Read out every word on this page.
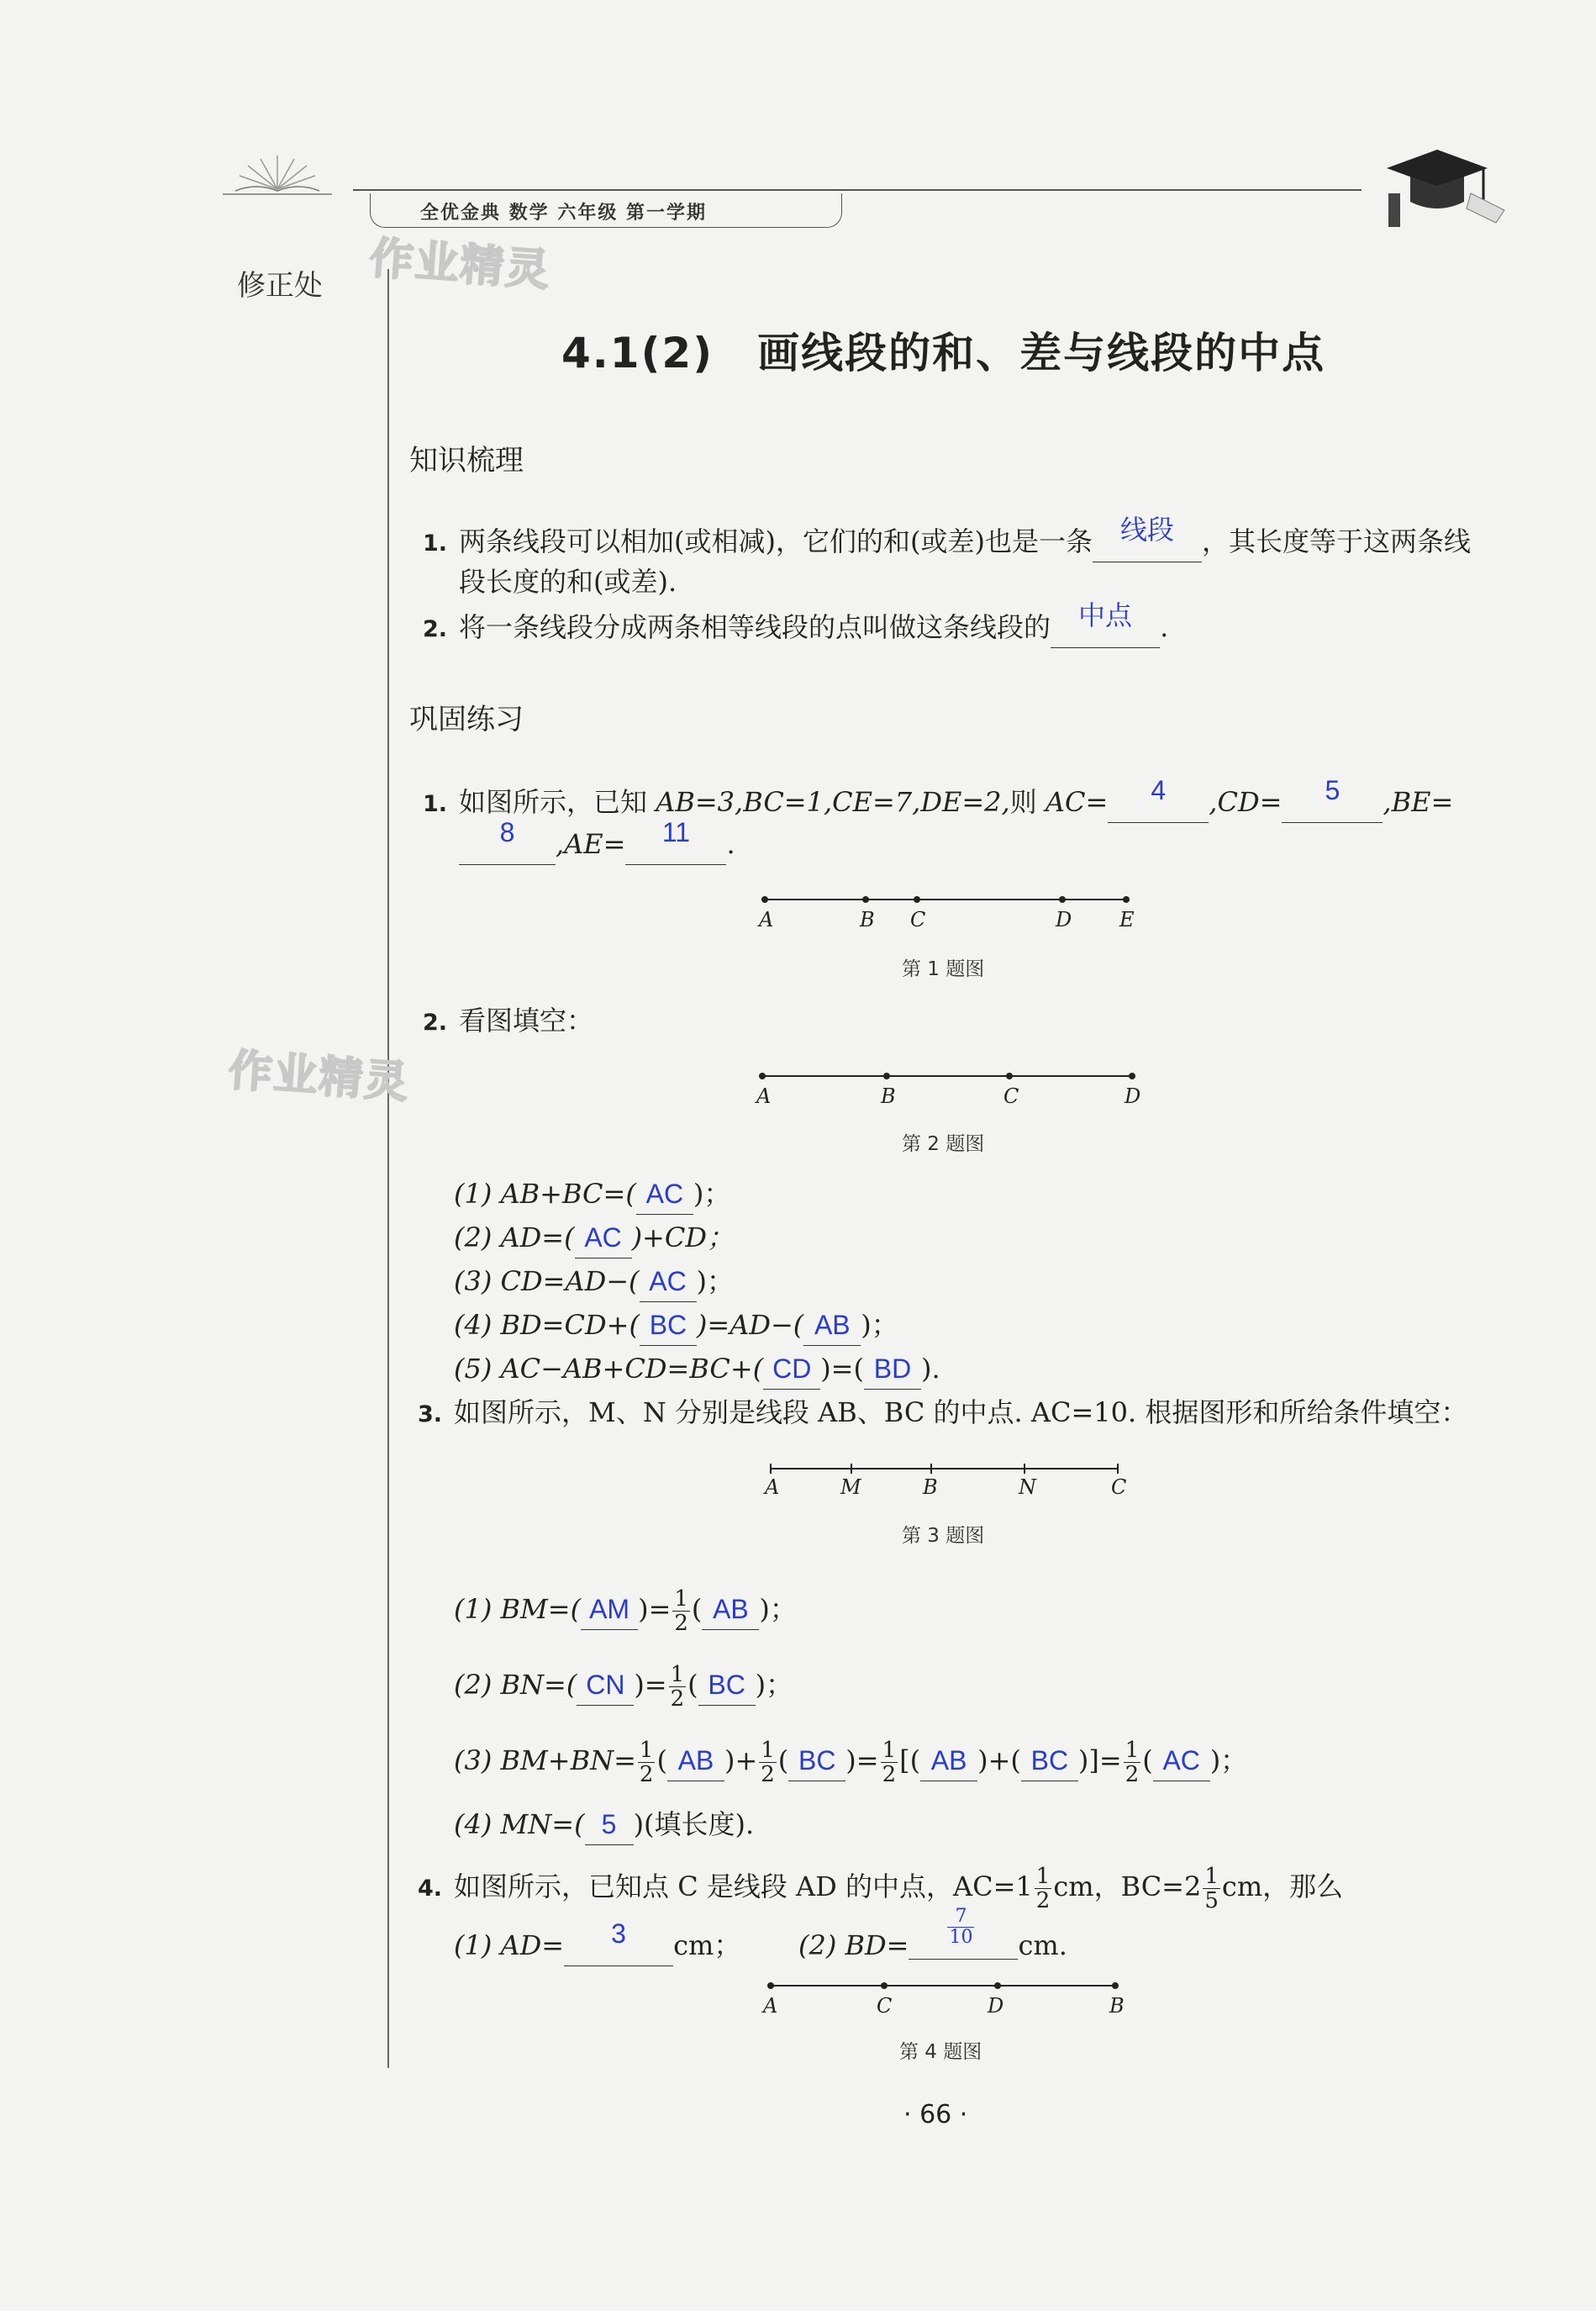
全优金典 数学 六年级 第一学期
修正处 作业精灵
作业精灵
4.1(2)　画线段的和、差与线段的中点
知识梳理
1. 两条线段可以相加(或相减)，它们的和(或差)也是一条	线段	，其长度等于这两条线
段长度的和(或差).
2. 将一条线段分成两条相等线段的点叫做这条线段的	中点	.
巩固练习
1. 如图所示，已知 AB=3,BC=1,CE=7,DE=2,则 AC=	4	,CD=	5	,BE=
8	,AE=	11	.
A	B C	D E
第 1 题图
2. 看图填空：
A	B	C	D
第 2 题图
(1) AB+BC=( AC )；
(2) AD=( AC )+CD；
(3) CD=AD−( AC )；
(4) BD=CD+( BC )=AD−( AB )；
(5) AC−AB+CD=BC+( CD )=( BD ).
3. 如图所示，M、N 分别是线段 AB、BC 的中点. AC=10. 根据图形和所给条件填空：
A	M	B	N	C
第 3 题图
(1) BM=( AM )= $\frac{1}{2}$ ( AB )；
(2) BN=( CN )= $\frac{1}{2}$ ( BC )；
(3) $BM+BN= \frac{1}{2}$ ( AB )+ $\frac{1}{2}$ ( BC )= $\frac{1}{2}$ [( AB )+( BC )]= $\frac{1}{2}$ ( AC )；
(4) MN=( 5 )(填长度).
4. 如图所示，已知点 C 是线段 AD 的中点，$AC=1 \frac{1}{2}$ cm，$BC=2 \frac{1}{5}$ cm，那么
(1) AD=	3	cm； (2) $BD= \frac{7}{10}$ cm.
A	C	D	B
第 4 题图
· 66 ·
